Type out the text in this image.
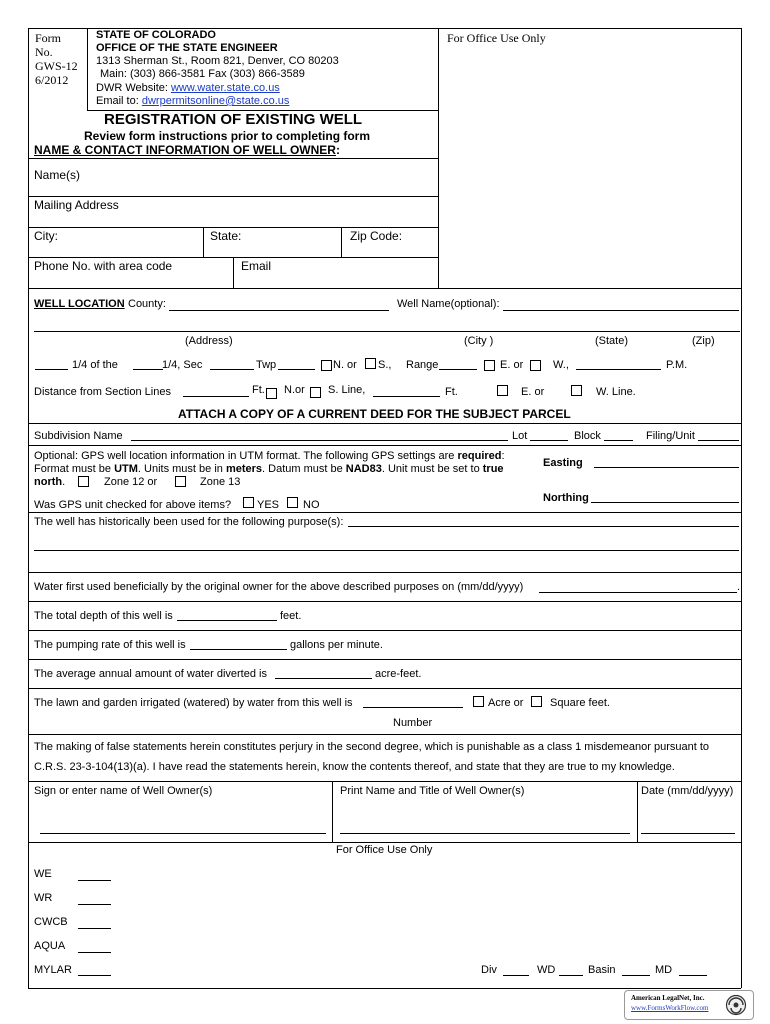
Form
No.
GWS-12
6/2012
STATE OF COLORADO
OFFICE OF THE STATE ENGINEER
1313 Sherman St., Room 821, Denver, CO 80203
Main: (303) 866-3581 Fax (303) 866-3589
DWR Website: www.water.state.co.us
Email to: dwrpermitsonline@state.co.us
For Office Use Only
REGISTRATION OF EXISTING WELL
Review form instructions prior to completing form
NAME & CONTACT INFORMATION OF WELL OWNER:
Name(s)
Mailing Address
City:	State:	Zip Code:
Phone No. with area code	Email
WELL LOCATION County:	Well Name(optional):
(Address)	(City )	(State)	(Zip)
1/4 of the	1/4, Sec	Twp	N. or S., Range	E. or	W.,	P.M.
Distance from Section Lines	Ft. N.or S. Line,	Ft.	E. or	W. Line.
ATTACH A COPY OF A CURRENT DEED FOR THE SUBJECT PARCEL
Subdivision Name	Lot	Block	Filing/Unit
Optional: GPS well location information in UTM format. The following GPS settings are required:
Format must be UTM. Units must be in meters. Datum must be NAD83. Unit must be set to true
north.	Zone 12 or	Zone 13
Easting
Northing
Was GPS unit checked for above items? YES NO
The well has historically been used for the following purpose(s):
Water first used beneficially by the original owner for the above described purposes on (mm/dd/yyyy)	.
The total depth of this well is	feet.
The pumping rate of this well is	gallons per minute.
The average annual amount of water diverted is	acre-feet.
The lawn and garden irrigated (watered) by water from this well is	Acre or Square feet.
Number
The making of false statements herein constitutes perjury in the second degree, which is punishable as a class 1 misdemeanor pursuant to
C.R.S. 23-3-104(13)(a). I have read the statements herein, know the contents thereof, and state that they are true to my knowledge.
Sign or enter name of Well Owner(s)	Print Name and Title of Well Owner(s)	Date (mm/dd/yyyy)
For Office Use Only
WE
WR
CWCB
AQUA
MYLAR	Div	WD	Basin	MD
American LegalNet, Inc.
www.FormsWorkFlow.com
